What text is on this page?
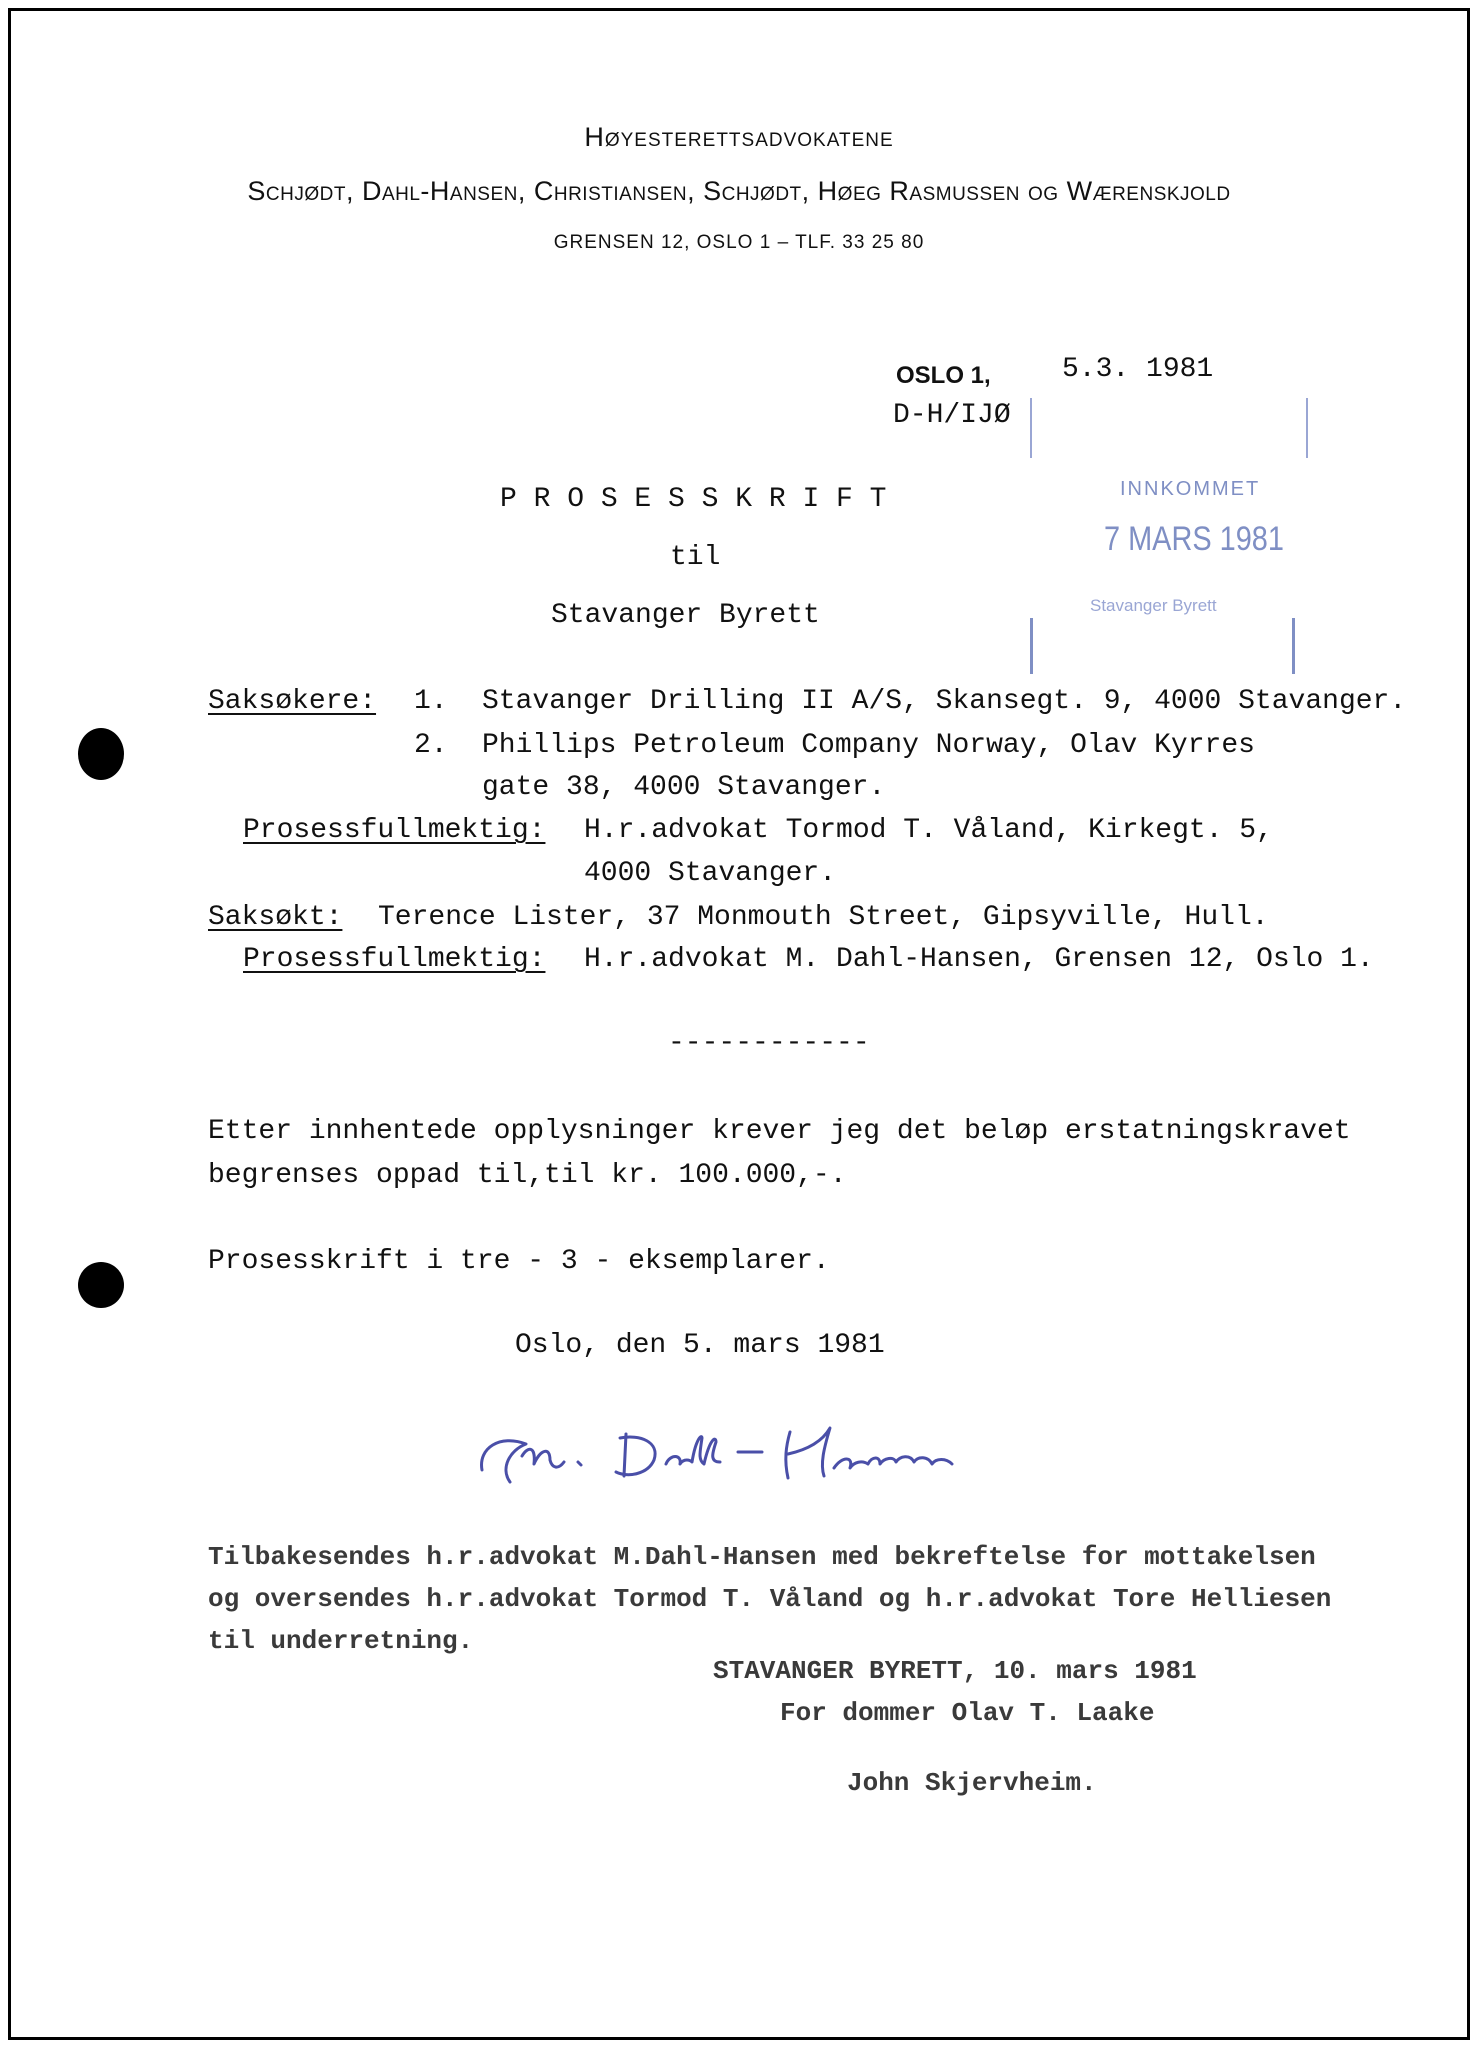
Høyesterettsadvokatene
Schjødt, Dahl-Hansen, Christiansen, Schjødt, Høeg Rasmussen og Wærenskjold
GRENSEN 12, OSLO 1 – TLF. 33 25 80
OSLO 1,	5.3. 1981
D-H/IJØ
INNKOMMET
7 MARS 1981
Stavanger Byrett
P R O S E S S K R I F T
til
Stavanger Byrett
Saksøkere: 1. Stavanger Drilling II A/S, Skansegt. 9, 4000 Stavanger.
2. Phillips Petroleum Company Norway, Olav Kyrres
gate 38, 4000 Stavanger.
Prosessfullmektig: H.r.advokat Tormod T. Våland, Kirkegt. 5,
4000 Stavanger.
Saksøkt: Terence Lister, 37 Monmouth Street, Gipsyville, Hull.
Prosessfullmektig: H.r.advokat M. Dahl-Hansen, Grensen 12, Oslo 1.
------------
Etter innhentede opplysninger krever jeg det beløp erstatningskravet
begrenses oppad til,til kr. 100.000,-.
Prosesskrift i tre - 3 - eksemplarer.
Oslo, den 5. mars 1981
Tilbakesendes h.r.advokat M.Dahl-Hansen med bekreftelse for mottakelsen
og oversendes h.r.advokat Tormod T. Våland og h.r.advokat Tore Helliesen
til underretning.
STAVANGER BYRETT, 10. mars 1981
For dommer Olav T. Laake
John Skjervheim.
